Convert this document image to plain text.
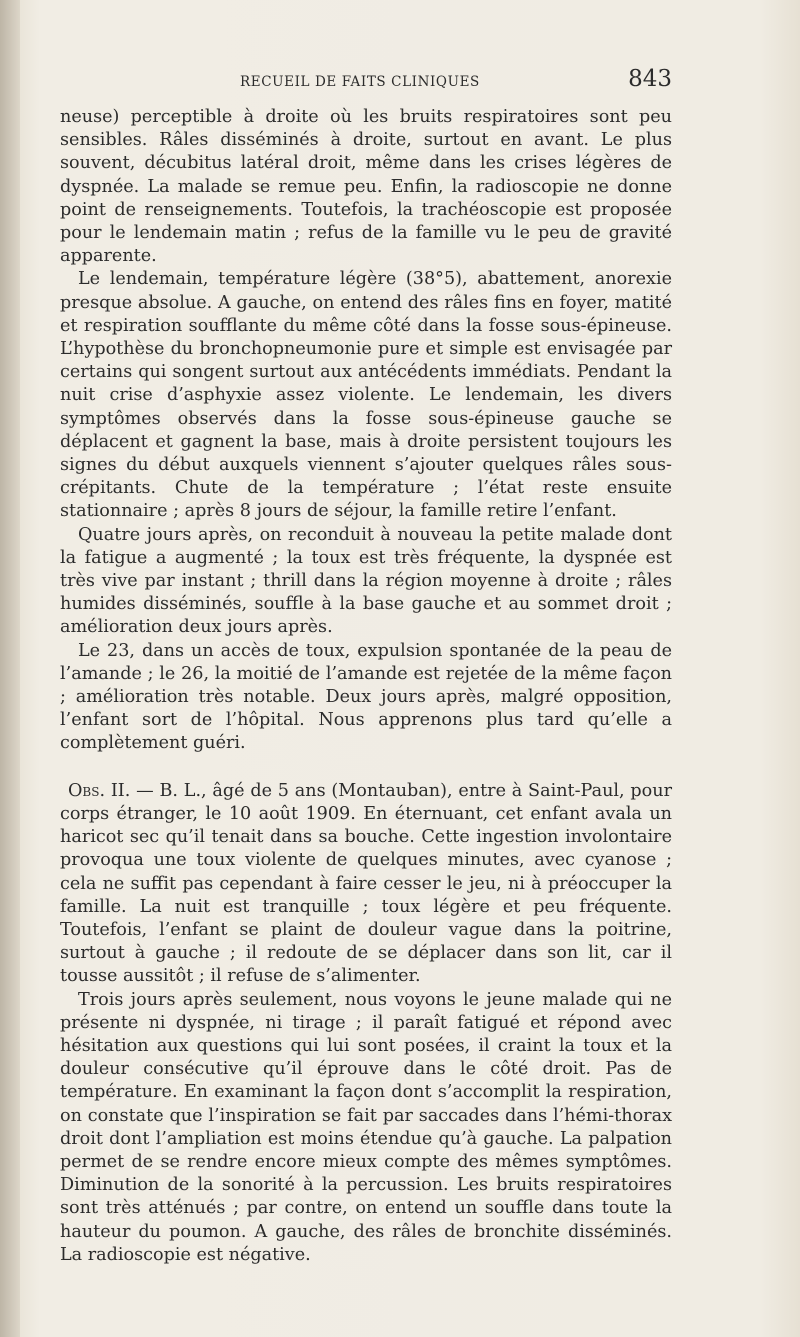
RECUEIL DE FAITS CLINIQUES	843

neuse) perceptible à droite où les bruits respiratoires sont peu sensibles. Râles disséminés à droite, surtout en avant. Le plus souvent, décubitus latéral droit, même dans les crises légères de dyspnée. La malade se remue peu. Enfin, la radioscopie ne donne point de renseignements. Toutefois, la trachéoscopie est proposée pour le lendemain matin ; refus de la famille vu le peu de gravité apparente.

Le lendemain, température légère (38°5), abattement, anorexie presque absolue. A gauche, on entend des râles fins en foyer, matité et respiration soufflante du même côté dans la fosse sous-épineuse. L’hypothèse du bronchopneumonie pure et simple est envisagée par certains qui songent surtout aux antécédents immédiats. Pendant la nuit crise d’asphyxie assez violente. Le lendemain, les divers symptômes observés dans la fosse sous-épineuse gauche se déplacent et gagnent la base, mais à droite persistent toujours les signes du début auxquels viennent s’ajouter quelques râles sous-crépitants. Chute de la température ; l’état reste ensuite stationnaire ; après 8 jours de séjour, la famille retire l’enfant.

Quatre jours après, on reconduit à nouveau la petite malade dont la fatigue a augmenté ; la toux est très fréquente, la dyspnée est très vive par instant ; thrill dans la région moyenne à droite ; râles humides disséminés, souffle à la base gauche et au sommet droit ; amélioration deux jours après.

Le 23, dans un accès de toux, expulsion spontanée de la peau de l’amande ; le 26, la moitié de l’amande est rejetée de la même façon ; amélioration très notable. Deux jours après, malgré opposition, l’enfant sort de l’hôpital. Nous apprenons plus tard qu’elle a complètement guéri.

Obs. II. — B. L., âgé de 5 ans (Montauban), entre à Saint-Paul, pour corps étranger, le 10 août 1909. En éternuant, cet enfant avala un haricot sec qu’il tenait dans sa bouche. Cette ingestion involontaire provoqua une toux violente de quelques minutes, avec cyanose ; cela ne suffit pas cependant à faire cesser le jeu, ni à préoccuper la famille. La nuit est tranquille ; toux légère et peu fréquente. Toutefois, l’enfant se plaint de douleur vague dans la poitrine, surtout à gauche ; il redoute de se déplacer dans son lit, car il tousse aussitôt ; il refuse de s’alimenter.

Trois jours après seulement, nous voyons le jeune malade qui ne présente ni dyspnée, ni tirage ; il paraît fatigué et répond avec hésitation aux questions qui lui sont posées, il craint la toux et la douleur consécutive qu’il éprouve dans le côté droit. Pas de température. En examinant la façon dont s’accomplit la respiration, on constate que l’inspiration se fait par saccades dans l’hémi-thorax droit dont l’ampliation est moins étendue qu’à gauche. La palpation permet de se rendre encore mieux compte des mêmes symptômes. Diminution de la sonorité à la percussion. Les bruits respiratoires sont très atténués ; par contre, on entend un souffle dans toute la hauteur du poumon. A gauche, des râles de bronchite disséminés. La radioscopie est négative.
